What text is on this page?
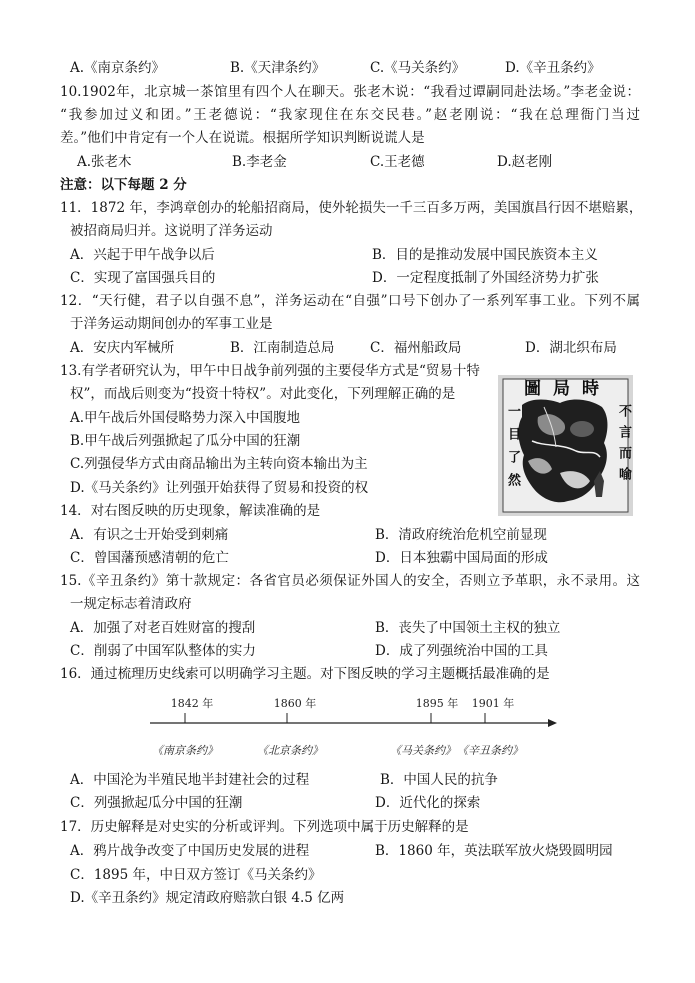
A.《南京条约》	B.《天津条约》	C.《马关条约》	D.《辛丑条约》
10.1902年，北京城一茶馆里有四个人在聊天。张老木说：“我看过谭嗣同赴法场。”李老金说：
“我参加过义和团。”王老德说：“我家现住在东交民巷。”赵老刚说：“我在总理衙门当过
差。”他们中肯定有一个人在说谎。根据所学知识判断说谎人是
A.张老木	B.李老金	C.王老德	D.赵老刚
注意：以下每题 2 分
11．1872 年，李鸿章创办的轮船招商局，使外轮损失一千三百多万两，美国旗昌行因不堪赔累，
被招商局归并。这说明了洋务运动
A．兴起于甲午战争以后	B．目的是推动发展中国民族资本主义
C．实现了富国强兵目的	D．一定程度抵制了外国经济势力扩张
12．“天行健，君子以自强不息”，洋务运动在“自强”口号下创办了一系列军事工业。下列不属
于洋务运动期间创办的军事工业是
A．安庆内军械所	B．江南制造总局	C．福州船政局	D．湖北织布局
13.有学者研究认为，甲午中日战争前列强的主要侵华方式是“贸易十特
权”，而战后则变为“投资十特权”。对此变化，下列理解正确的是
A.甲午战后外国侵略势力深入中国腹地
B.甲午战后列强掀起了瓜分中国的狂潮
C.列强侵华方式由商品输出为主转向资本输出为主
D.《马关条约》让列强开始获得了贸易和投资的权
圖局時
一目了然	不言而喻
14．对右图反映的历史现象，解读准确的是
A．有识之士开始受到刺痛	B．清政府统治危机空前显现
C．曾国藩预感清朝的危亡	D．日本独霸中国局面的形成
15.《辛丑条约》第十款规定：各省官员必须保证外国人的安全，否则立予革职，永不录用。这
一规定标志着清政府
A．加强了对老百姓财富的搜刮	B．丧失了中国领土主权的独立
C．削弱了中国军队整体的实力	D．成了列强统治中国的工具
16．通过梳理历史线索可以明确学习主题。对下图反映的学习主题概括最准确的是
1842 年	1860 年	1895 年 1901 年
《南京条约》	《北京条约》	《马关条约》 《辛丑条约》
A．中国沦为半殖民地半封建社会的过程	B．中国人民的抗争
C．列强掀起瓜分中国的狂潮	D．近代化的探索
17．历史解释是对史实的分析或评判。下列选项中属于历史解释的是
A．鸦片战争改变了中国历史发展的进程	B．1860 年，英法联军放火烧毁圆明园
C．1895 年，中日双方签订《马关条约》
D.《辛丑条约》规定清政府赔款白银 4.5 亿两
